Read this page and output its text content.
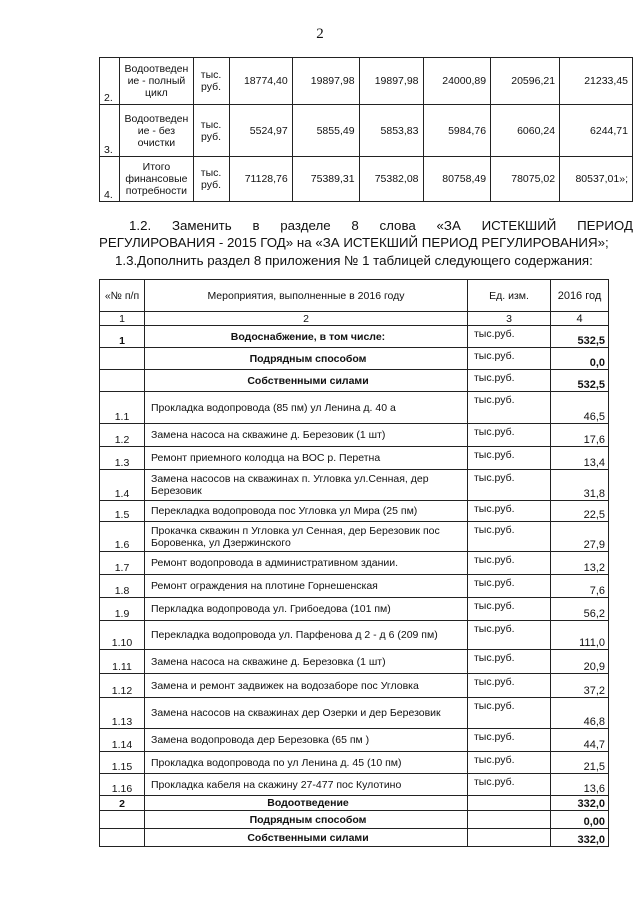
2
2.	Водоотведен ие - полный цикл	тыс. руб.	18774,40	19897,98	19897,98	24000,89	20596,21	21233,45
3.	Водоотведен ие - без очистки	тыс. руб.	5524,97	5855,49	5853,83	5984,76	6060,24	6244,71
4.	Итого финансовые потребности	тыс. руб.	71128,76	75389,31	75382,08	80758,49	78075,02	80537,01»;
1.2. Заменить в разделе 8 слова «ЗА ИСТЕКШИЙ ПЕРИОД
РЕГУЛИРОВАНИЯ - 2015 ГОД» на «ЗА ИСТЕКШИЙ ПЕРИОД РЕГУЛИРОВАНИЯ»;
1.3.Дополнить раздел 8 приложения № 1 таблицей следующего содержания:
«№ п/п	Мероприятия, выполненные в 2016 году	Ед. изм.	2016 год
1	2	3	4
1	Водоснабжение, в том числе:	тыс.руб.	532,5
	Подрядным способом	тыс.руб.	0,0
	Собственными силами	тыс.руб.	532,5
1.1	Прокладка водопровода (85 пм) ул Ленина д. 40 а	тыс.руб.	46,5
1.2	Замена насоса на скважине д. Березовик (1 шт)	тыс.руб.	17,6
1.3	Ремонт приемного колодца на ВОС р. Перетна	тыс.руб.	13,4
1.4	Замена насосов на скважинах п. Угловка ул.Сенная, дер Березовик	тыс.руб.	31,8
1.5	Перекладка водопровода пос Угловка ул Мира (25 пм)	тыс.руб.	22,5
1.6	Прокачка скважин п Угловка ул Сенная, дер Березовик пос Боровенка, ул Дзержинского	тыс.руб.	27,9
1.7	Ремонт водопровода в административном здании.	тыс.руб.	13,2
1.8	Ремонт ограждения на плотине Горнешенская	тыс.руб.	7,6
1.9	Перкладка водопровода ул. Грибоедова (101 пм)	тыс.руб.	56,2
1.10	Перекладка водопровода ул. Парфенова д 2 - д 6 (209 пм)	тыс.руб.	111,0
1.11	Замена насоса на скважине д. Березовка (1 шт)	тыс.руб.	20,9
1.12	Замена и ремонт задвижек на водозаборе пос Угловка	тыс.руб.	37,2
1.13	Замена насосов на скважинах дер Озерки и дер Березовик	тыс.руб.	46,8
1.14	Замена водопровода дер Березовка (65 пм )	тыс.руб.	44,7
1.15	Прокладка водопровода по ул Ленина д. 45 (10 пм)	тыс.руб.	21,5
1.16	Прокладка кабеля на скажину 27-477 пос Кулотино	тыс.руб.	13,6
2	Водоотведение		332,0
	Подрядным способом		0,00
	Собственными силами		332,0
